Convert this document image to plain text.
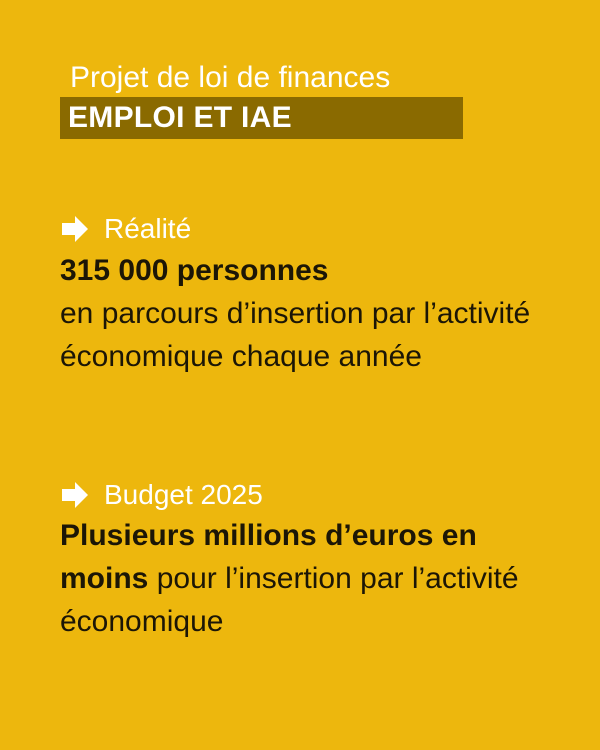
Projet de loi de finances
EMPLOI ET IAE
Réalité
315 000 personnes
en parcours d’insertion par l’activité économique chaque année
Budget 2025
Plusieurs millions d’euros en moins pour l’insertion par l’activité économique
